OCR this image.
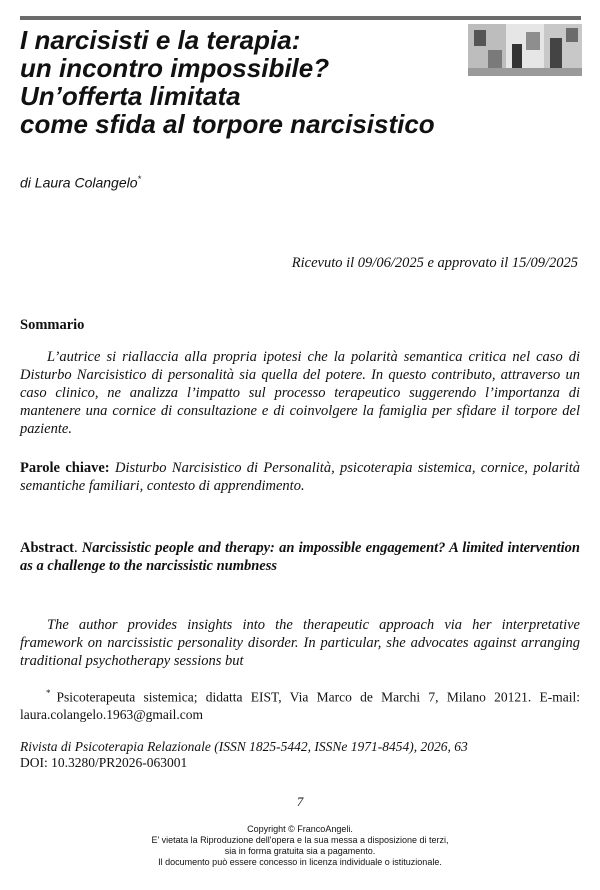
I narcisisti e la terapia:
un incontro impossibile?
Un’offerta limitata
come sfida al torpore narcisistico
di Laura Colangelo*
Ricevuto il 09/06/2025 e approvato il 15/09/2025
Sommario

L’autrice si riallaccia alla propria ipotesi che la polarità semantica critica nel caso di Disturbo Narcisistico di personalità sia quella del potere. In questo contributo, attraverso un caso clinico, ne analizza l’impatto sul processo terapeutico suggerendo l’importanza di mantenere una cornice di consultazione e di coinvolgere la famiglia per sfidare il torpore del paziente.

Parole chiave: Disturbo Narcisistico di Personalità, psicoterapia sistemica, cornice, polarità semantiche familiari, contesto di apprendimento.

Abstract. Narcissistic people and therapy: an impossible engagement? A limited intervention as a challenge to the narcissistic numbness

The author provides insights into the therapeutic approach via her interpretative framework on narcissistic personality disorder. In particular, she advocates against arranging traditional psychotherapy sessions but

* Psicoterapeuta sistemica; didatta EIST, Via Marco de Marchi 7, Milano 20121. E-mail: laura.colangelo.1963@gmail.com

Rivista di Psicoterapia Relazionale (ISSN 1825-5442, ISSNe 1971-8454), 2026, 63
DOI: 10.3280/PR2026-063001

7
Copyright © FrancoAngeli.
E' vietata la Riproduzione dell'opera e la sua messa a disposizione di terzi,
sia in forma gratuita sia a pagamento.
Il documento può essere concesso in licenza individuale o istituzionale.
